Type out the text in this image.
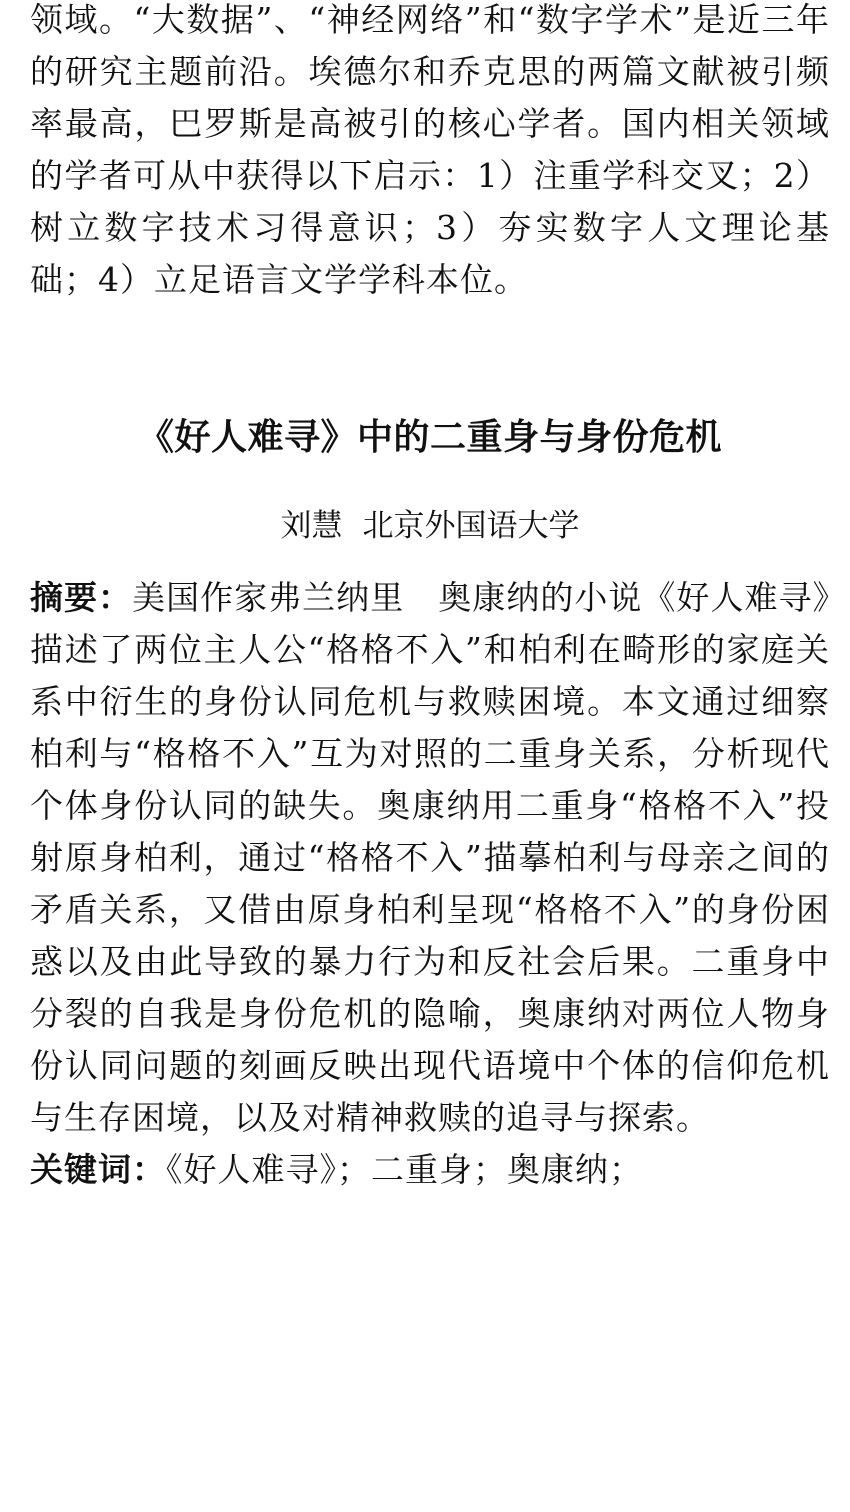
领域。“大数据”、“神经网络”和“数字学术”是近三年的研究主题前沿。埃德尔和乔克思的两篇文献被引频率最高，巴罗斯是高被引的核心学者。国内相关领域的学者可从中获得以下启示：1）注重学科交叉；2）树立数字技术习得意识；3）夯实数字人文理论基础；4）立足语言文学学科本位。

《好人难寻》中的二重身与身份危机
刘慧 北京外国语大学

摘要：美国作家弗兰纳里　奥康纳的小说《好人难寻》描述了两位主人公“格格不入”和柏利在畸形的家庭关系中衍生的身份认同危机与救赎困境。本文通过细察柏利与“格格不入”互为对照的二重身关系，分析现代个体身份认同的缺失。奥康纳用二重身“格格不入”投射原身柏利，通过“格格不入”描摹柏利与母亲之间的矛盾关系，又借由原身柏利呈现“格格不入”的身份困惑以及由此导致的暴力行为和反社会后果。二重身中分裂的自我是身份危机的隐喻，奥康纳对两位人物身份认同问题的刻画反映出现代语境中个体的信仰危机与生存困境，以及对精神救赎的追寻与探索。

关键词：《好人难寻》；二重身；奥康纳；
